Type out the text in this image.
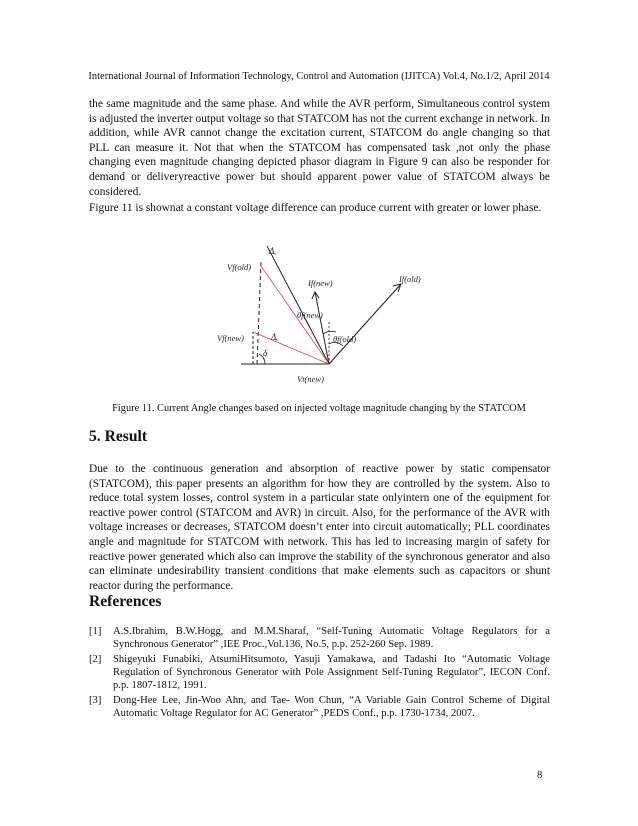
International Journal of Information Technology, Control and Automation (IJITCA) Vol.4, No.1/2, April 2014

the same magnitude and the same phase. And while the AVR perform, Simultaneous control system is adjusted the inverter output voltage so that STATCOM has not the current exchange in network. In addition, while AVR cannot change the excitation current, STATCOM do angle changing so that PLL can measure it. Not that when the STATCOM has compensated task ,not only the phase changing even magnitude changing depicted phasor diagram in Figure 9 can also be responder for demand or deliveryreactive power but should apparent power value of STATCOM always be considered.

Figure 11 is shownat a constant voltage difference can produce current with greater or lower phase.

Δᵥ
Vf(old)
If(new)	If(old)
θf(new)
θf(old)
Vf(new)	Δᵥ
δ
Vt(new)
Figure 11. Current Angle changes based on injected voltage magnitude changing by the STATCOM
5. Result

Due to the continuous generation and absorption of reactive power by static compensator (STATCOM), this paper presents an algorithm for how they are controlled by the system. Also to reduce total system losses, control system in a particular state onlyintern one of the equipment for reactive power control (STATCOM and AVR) in circuit. Also, for the performance of the AVR with voltage increases or decreases, STATCOM doesn’t enter into circuit automatically; PLL coordinates angle and magnitude for STATCOM with network. This has led to increasing margin of safety for reactive power generated which also can improve the stability of the synchronous generator and also can eliminate undesirability transient conditions that make elements such as capacitors or shunt reactor during the performance.

References
[1]	A.S.Ibrahim, B.W.Hogg, and M.M.Sharaf, “Self-Tuning Automatic Voltage Regulators for a Synchronous Generator” ,IEE Proc.,Vol.136, No.5, p.p. 252-260 Sep. 1989.
[2]	Shigeyuki Funabiki, AtsumiHitsumoto, Yasuji Yamakawa, and Tadashi Ito “Automatic Voltage Regulation of Synchronous Generator with Pole Assignment Self-Tuning Regulator”, IECON Conf. p.p. 1807-1812, 1991.
[3]	Dong-Hee Lee, Jin-Woo Ahn, and Tae- Won Chun, “A Variable Gain Control Scheme of Digital Automatic Voltage Regulator for AC Generator” ,PEDS Conf., p.p. 1730-1734, 2007.
8
